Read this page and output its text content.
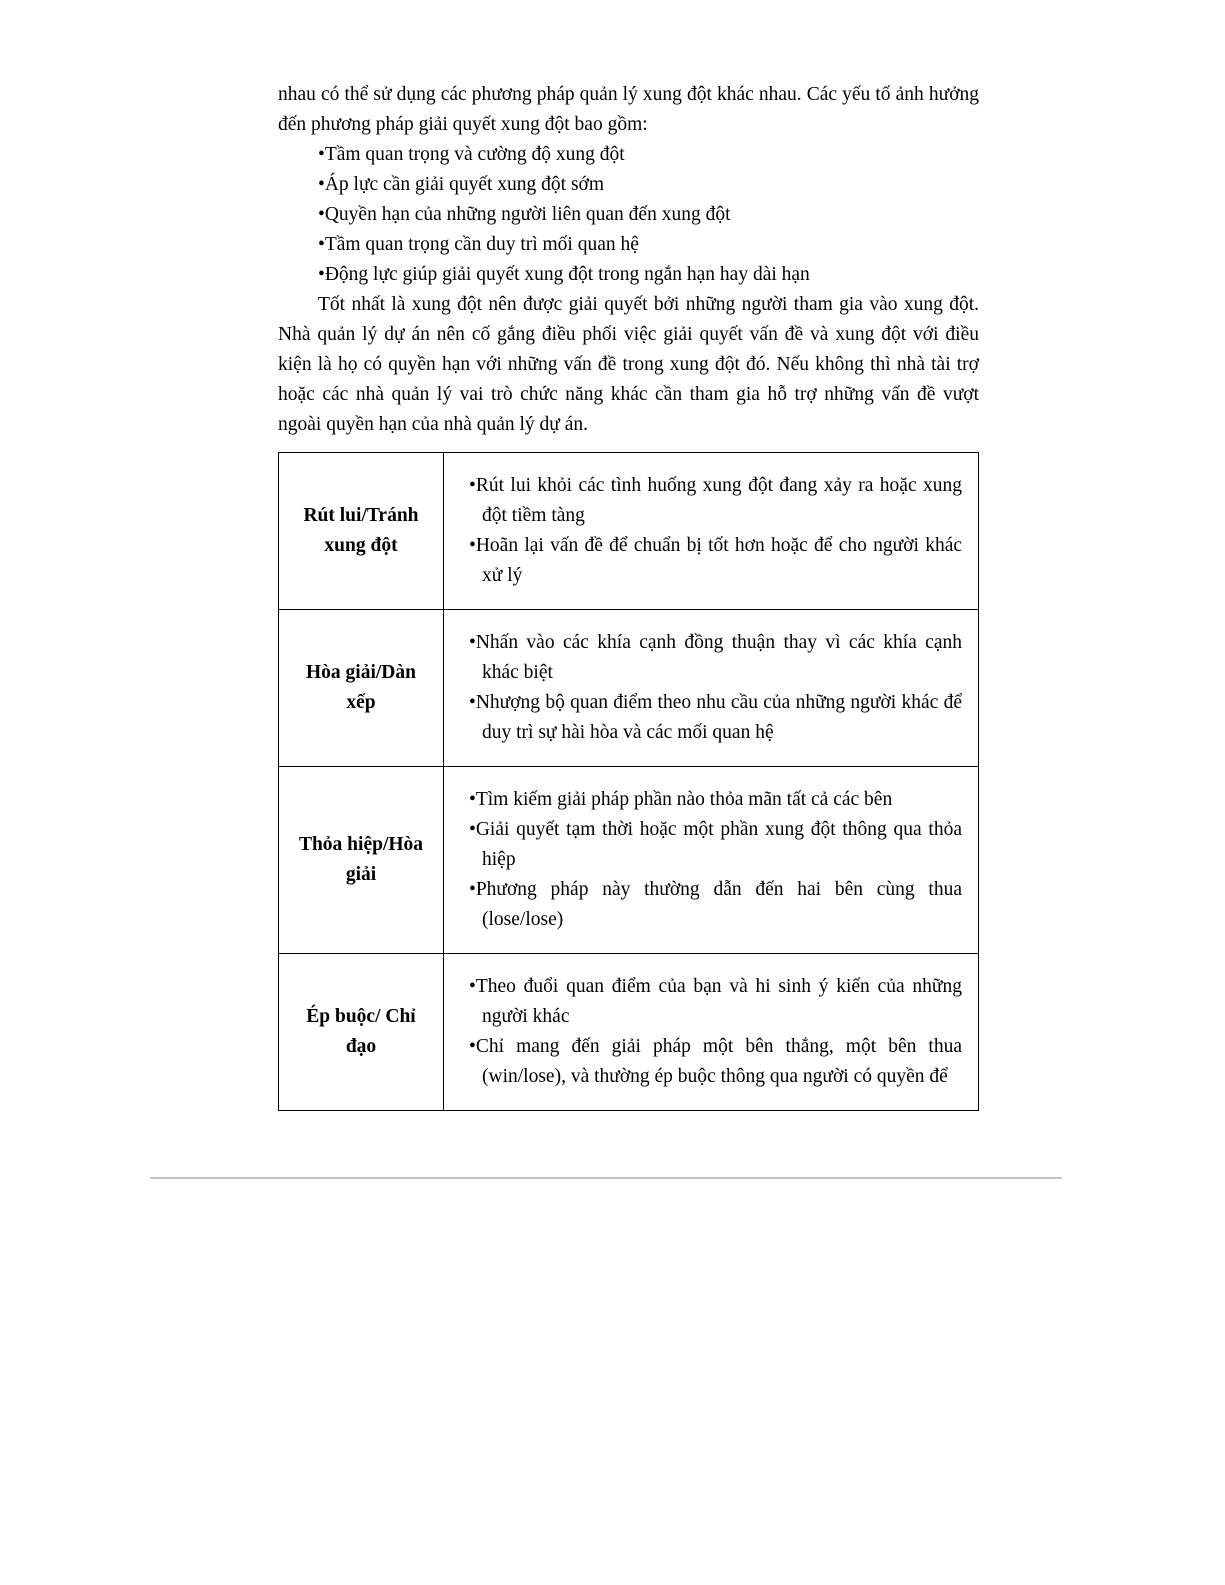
nhau có thể sử dụng các phương pháp quản lý xung đột khác nhau. Các yếu tố ảnh hưởng đến phương pháp giải quyết xung đột bao gồm:

• Tầm quan trọng và cường độ xung đột
• Áp lực cần giải quyết xung đột sớm
• Quyền hạn của những người liên quan đến xung đột
• Tầm quan trọng cần duy trì mối quan hệ
• Động lực giúp giải quyết xung đột trong ngắn hạn hay dài hạn

Tốt nhất là xung đột nên được giải quyết bởi những người tham gia vào xung đột. Nhà quản lý dự án nên cố gắng điều phối việc giải quyết vấn đề và xung đột với điều kiện là họ có quyền hạn với những vấn đề trong xung đột đó. Nếu không thì nhà tài trợ hoặc các nhà quản lý vai trò chức năng khác cần tham gia hỗ trợ những vấn đề vượt ngoài quyền hạn của nhà quản lý dự án.

Rút lui/Tránh xung đột	
• Rút lui khỏi các tình huống xung đột đang xảy ra hoặc xung đột tiềm tàng
• Hoãn lại vấn đề để chuẩn bị tốt hơn hoặc để cho người khác xử lý

Hòa giải/Dàn xếp	
• Nhấn vào các khía cạnh đồng thuận thay vì các khía cạnh khác biệt
• Nhượng bộ quan điểm theo nhu cầu của những người khác để duy trì sự hài hòa và các mối quan hệ

Thỏa hiệp/Hòa giải	
• Tìm kiếm giải pháp phần nào thỏa mãn tất cả các bên
• Giải quyết tạm thời hoặc một phần xung đột thông qua thỏa hiệp
• Phương pháp này thường dẫn đến hai bên cùng thua (lose/lose)

Ép buộc/ Chỉ đạo	
• Theo đuổi quan điểm của bạn và hi sinh ý kiến của những người khác
• Chỉ mang đến giải pháp một bên thắng, một bên thua (win/lose), và thường ép buộc thông qua người có quyền để
